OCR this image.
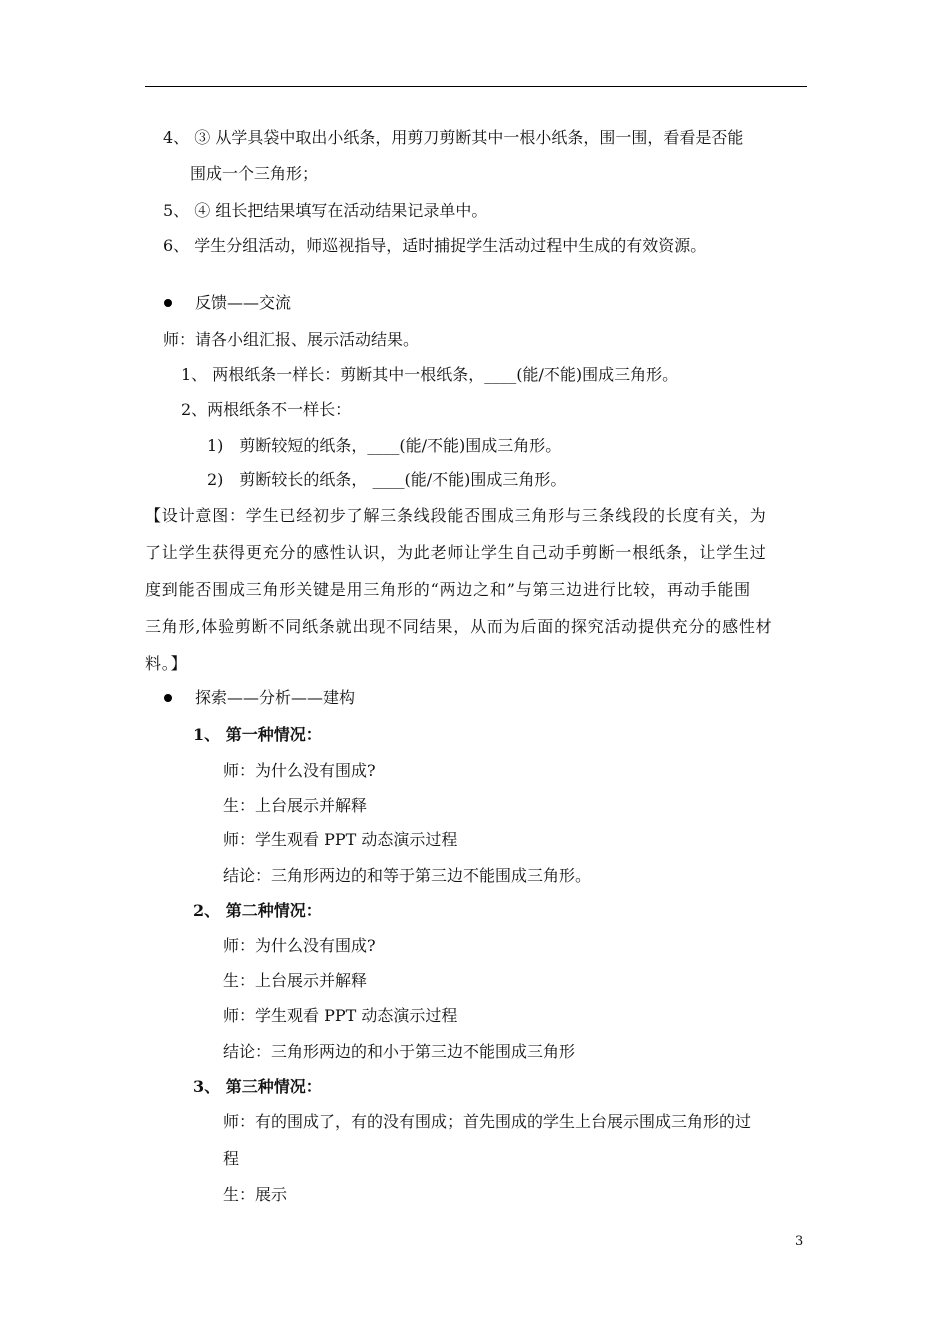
4、 ③ 从学具袋中取出小纸条，用剪刀剪断其中一根小纸条，围一围，看看是否能
围成一个三角形；
5、 ④ 组长把结果填写在活动结果记录单中。
6、 学生分组活动，师巡视指导，适时捕捉学生活动过程中生成的有效资源。
反馈——交流
师：请各小组汇报、展示活动结果。
1、 两根纸条一样长：剪断其中一根纸条，____(能/不能)围成三角形。
2、两根纸条不一样长：
1)　剪断较短的纸条，____(能/不能)围成三角形。
2)　剪断较长的纸条， ____(能/不能)围成三角形。
【设计意图：学生已经初步了解三条线段能否围成三角形与三条线段的长度有关，为
了让学生获得更充分的感性认识，为此老师让学生自己动手剪断一根纸条，让学生过
度到能否围成三角形关键是用三角形的“两边之和”与第三边进行比较，再动手能围
三角形,体验剪断不同纸条就出现不同结果，从而为后面的探究活动提供充分的感性材
料。】
探索——分析——建构
1、 第一种情况：
师：为什么没有围成?
生：上台展示并解释
师：学生观看 PPT 动态演示过程
结论：三角形两边的和等于第三边不能围成三角形。
2、 第二种情况：
师：为什么没有围成?
生：上台展示并解释
师：学生观看 PPT 动态演示过程
结论：三角形两边的和小于第三边不能围成三角形
3、 第三种情况：
师：有的围成了，有的没有围成；首先围成的学生上台展示围成三角形的过
程
生：展示
3
